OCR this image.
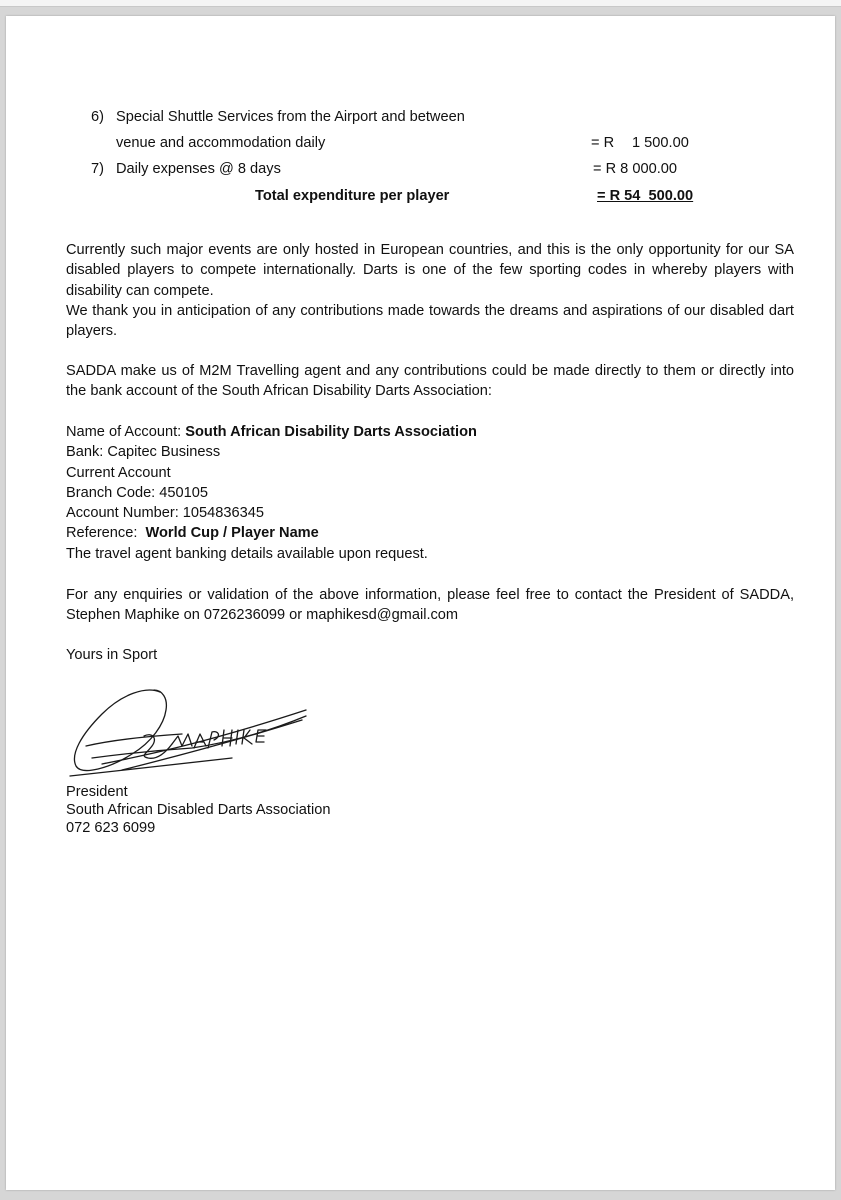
6) Special Shuttle Services from the Airport and between
venue and accommodation daily	= R 1 500.00
7) Daily expenses @ 8 days	= R 8 000.00
Total expenditure per player	= R 54  500.00

Currently such major events are only hosted in European countries, and this is the only opportunity for our SA disabled players to compete internationally. Darts is one of the few sporting codes in whereby players with disability can compete.

We thank you in anticipation of any contributions made towards the dreams and aspirations of our disabled dart players.

SADDA make us of M2M Travelling agent and any contributions could be made directly to them or directly into the bank account of the South African Disability Darts Association:

Name of Account: South African Disability Darts Association
Bank: Capitec Business
Current Account
Branch Code: 450105
Account Number: 1054836345
Reference:  World Cup / Player Name
The travel agent banking details available upon request.

For any enquiries or validation of the above information, please feel free to contact the President of SADDA, Stephen Maphike on 0726236099 or maphikesd@gmail.com

Yours in Sport
President
South African Disabled Darts Association
072 623 6099
